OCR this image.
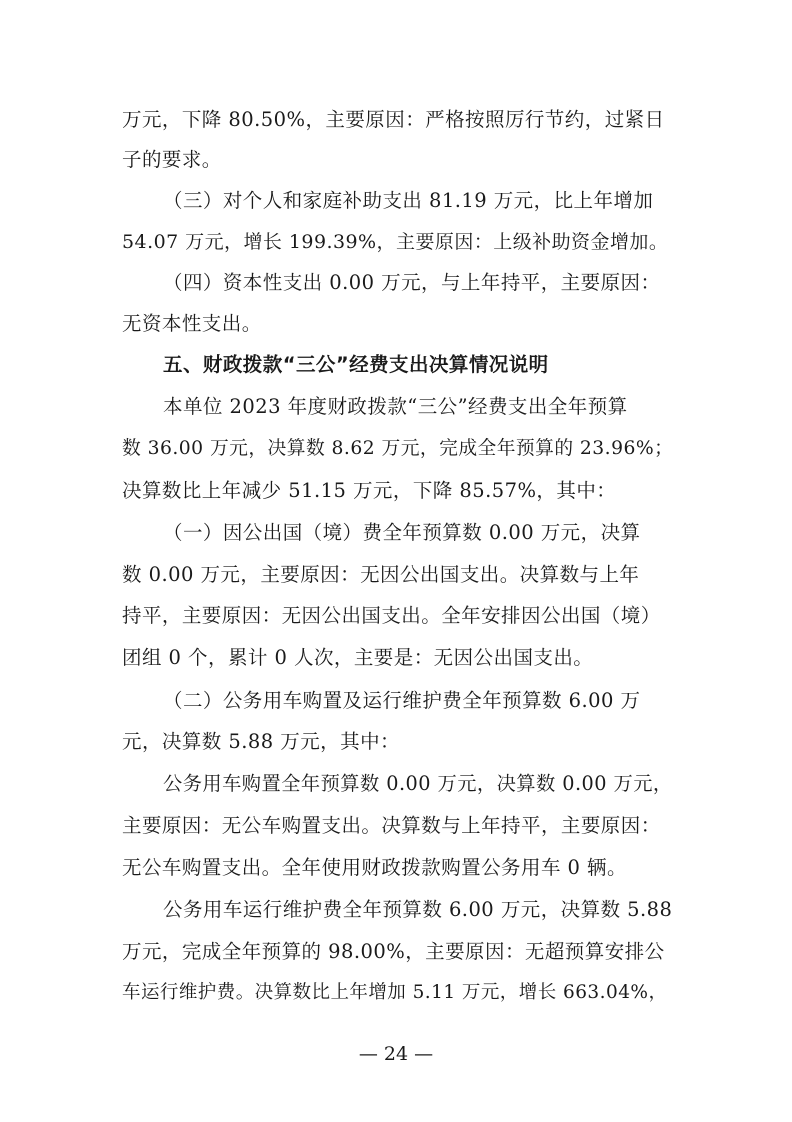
万元，下降 80.50%，主要原因：严格按照厉行节约，过紧日
子的要求。
（三）对个人和家庭补助支出 81.19 万元，比上年增加
54.07 万元，增长 199.39%，主要原因：上级补助资金增加。
（四）资本性支出 0.00 万元，与上年持平，主要原因：
无资本性支出。
五、财政拨款“三公”经费支出决算情况说明
本单位 2023 年度财政拨款“三公”经费支出全年预算
数 36.00 万元，决算数 8.62 万元，完成全年预算的 23.96%；
决算数比上年减少 51.15 万元，下降 85.57%，其中：
（一）因公出国（境）费全年预算数 0.00 万元，决算
数 0.00 万元，主要原因：无因公出国支出。决算数与上年
持平，主要原因：无因公出国支出。全年安排因公出国（境）
团组 0 个，累计 0 人次，主要是：无因公出国支出。
（二）公务用车购置及运行维护费全年预算数 6.00 万
元，决算数 5.88 万元，其中：
公务用车购置全年预算数 0.00 万元，决算数 0.00 万元，
主要原因：无公车购置支出。决算数与上年持平，主要原因：
无公车购置支出。全年使用财政拨款购置公务用车 0 辆。
公务用车运行维护费全年预算数 6.00 万元，决算数 5.88
万元，完成全年预算的 98.00%，主要原因：无超预算安排公
车运行维护费。决算数比上年增加 5.11 万元，增长 663.04%，
— 24 —
